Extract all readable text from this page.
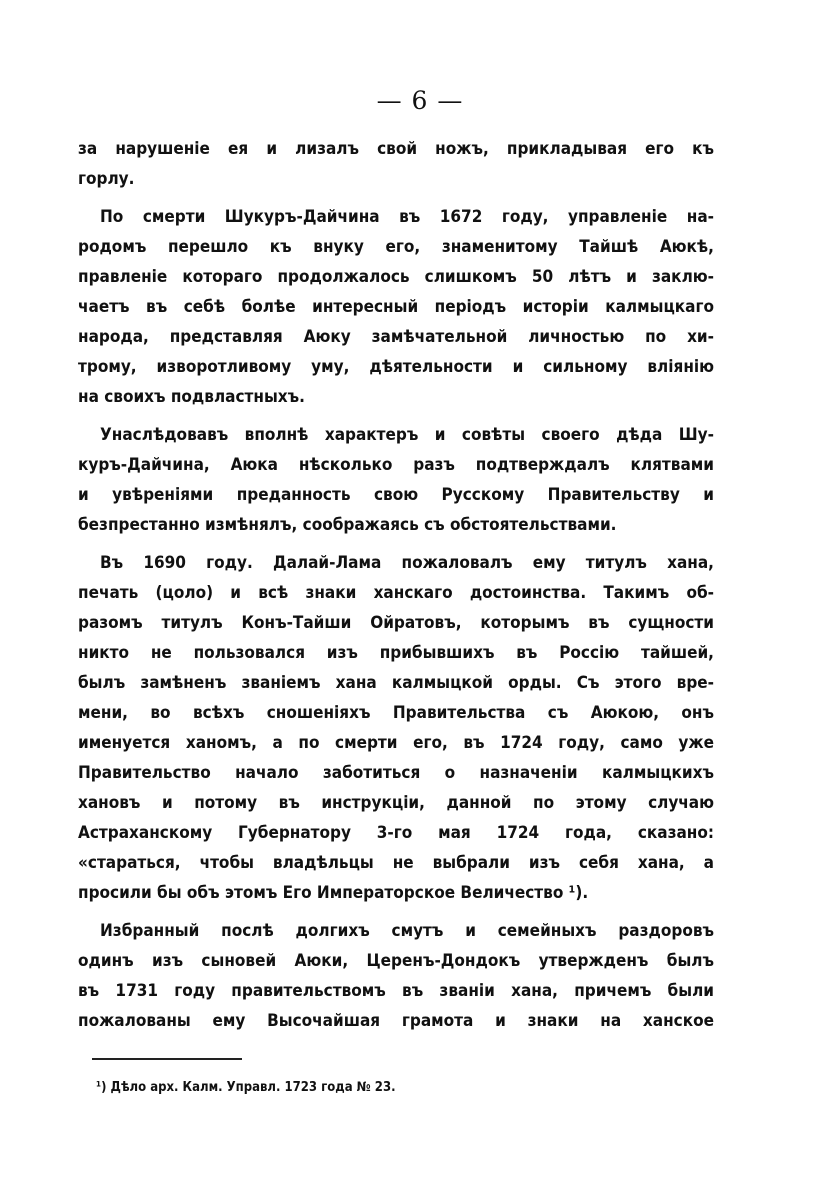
— 6 —
за нарушеніе ея и лизалъ свой ножъ, прикладывая его къ
горлу.
По смерти Шукуръ-Дайчина въ 1672 году, управленіе на-
родомъ перешло къ внуку его, знаменитому Тайшѣ Аюкѣ,
правленіе котораго продолжалось слишкомъ 50 лѣтъ и заклю-
чаетъ въ себѣ болѣе интересный періодъ исторіи калмыцкаго
народа, представляя Аюку замѣчательной личностью по хи-
трому, изворотливому уму, дѣятельности и сильному вліянію
на своихъ подвластныхъ.
Унаслѣдовавъ вполнѣ характеръ и совѣты своего дѣда Шу-
куръ-Дайчина, Аюка нѣсколько разъ подтверждалъ клятвами
и увѣреніями преданность свою Русскому Правительству и
безпрестанно измѣнялъ, соображаясь съ обстоятельствами.
Въ 1690 году. Далай-Лама пожаловалъ ему титулъ хана,
печать (цоло) и всѣ знаки ханскаго достоинства. Такимъ об-
разомъ титулъ Конъ-Тайши Ойратовъ, которымъ въ сущности
никто не пользовался изъ прибывшихъ въ Россію тайшей,
былъ замѣненъ званіемъ хана калмыцкой орды. Съ этого вре-
мени, во всѣхъ сношеніяхъ Правительства съ Аюкою, онъ
именуется ханомъ, а по смерти его, въ 1724 году, само уже
Правительство начало заботиться о назначеніи калмыцкихъ
хановъ и потому въ инструкціи, данной по этому случаю
Астраханскому Губернатору 3-го мая 1724 года, сказано:
«стараться, чтобы владѣльцы не выбрали изъ себя хана, а
просили бы объ этомъ Его Императорское Величество ¹).
Избранный послѣ долгихъ смутъ и семейныхъ раздоровъ
одинъ изъ сыновей Аюки, Церенъ-Дондокъ утвержденъ былъ
въ 1731 году правительствомъ въ званіи хана, причемъ были
пожалованы ему Высочайшая грамота и знаки на ханское
¹) Дѣло арх. Калм. Управл. 1723 года № 23.
